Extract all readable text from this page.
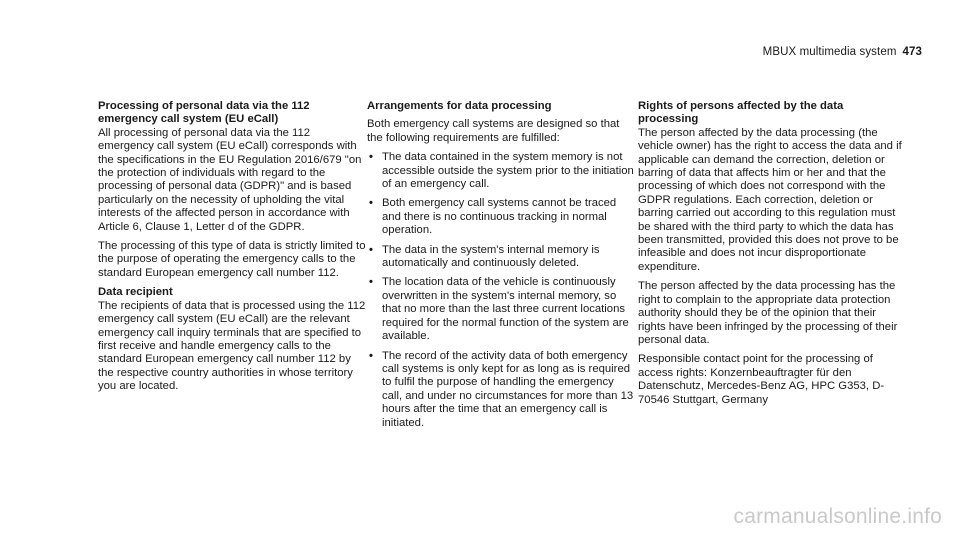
MBUX multimedia system 473
Processing of personal data via the 112 emergency call system (EU eCall)

All processing of personal data via the 112 emergency call system (EU eCall) corresponds with the specifications in the EU Regulation 2016/679 "on the protection of individuals with regard to the processing of personal data (GDPR)" and is based particularly on the necessity of upholding the vital interests of the affected person in accordance with Article 6, Clause 1, Letter d of the GDPR.

The processing of this type of data is strictly limited to the purpose of operating the emergency calls to the standard European emergency call number 112.

Data recipient

The recipients of data that is processed using the 112 emergency call system (EU eCall) are the relevant emergency call inquiry terminals that are specified to first receive and handle emergency calls to the standard European emergency call number 112 by the respective country authorities in whose territory you are located.

Arrangements for data processing

Both emergency call systems are designed so that the following requirements are fulfilled:

• The data contained in the system memory is not accessible outside the system prior to the initiation of an emergency call.
• Both emergency call systems cannot be traced and there is no continuous tracking in normal operation.
• The data in the system's internal memory is automatically and continuously deleted.
• The location data of the vehicle is continuously overwritten in the system's internal memory, so that no more than the last three current locations required for the normal function of the system are available.
• The record of the activity data of both emergency call systems is only kept for as long as is required to fulfil the purpose of handling the emergency call, and under no circumstances for more than 13 hours after the time that an emergency call is initiated.
Rights of persons affected by the data processing

The person affected by the data processing (the vehicle owner) has the right to access the data and if applicable can demand the correction, deletion or barring of data that affects him or her and that the processing of which does not correspond with the GDPR regulations. Each correction, deletion or barring carried out according to this regulation must be shared with the third party to which the data has been transmitted, provided this does not prove to be infeasible and does not incur disproportionate expenditure.

The person affected by the data processing has the right to complain to the appropriate data protection authority should they be of the opinion that their rights have been infringed by the processing of their personal data.

Responsible contact point for the processing of access rights: Konzernbeauftragter für den Datenschutz, Mercedes-Benz AG, HPC G353, D-70546 Stuttgart, Germany

carmanualsonline.info
